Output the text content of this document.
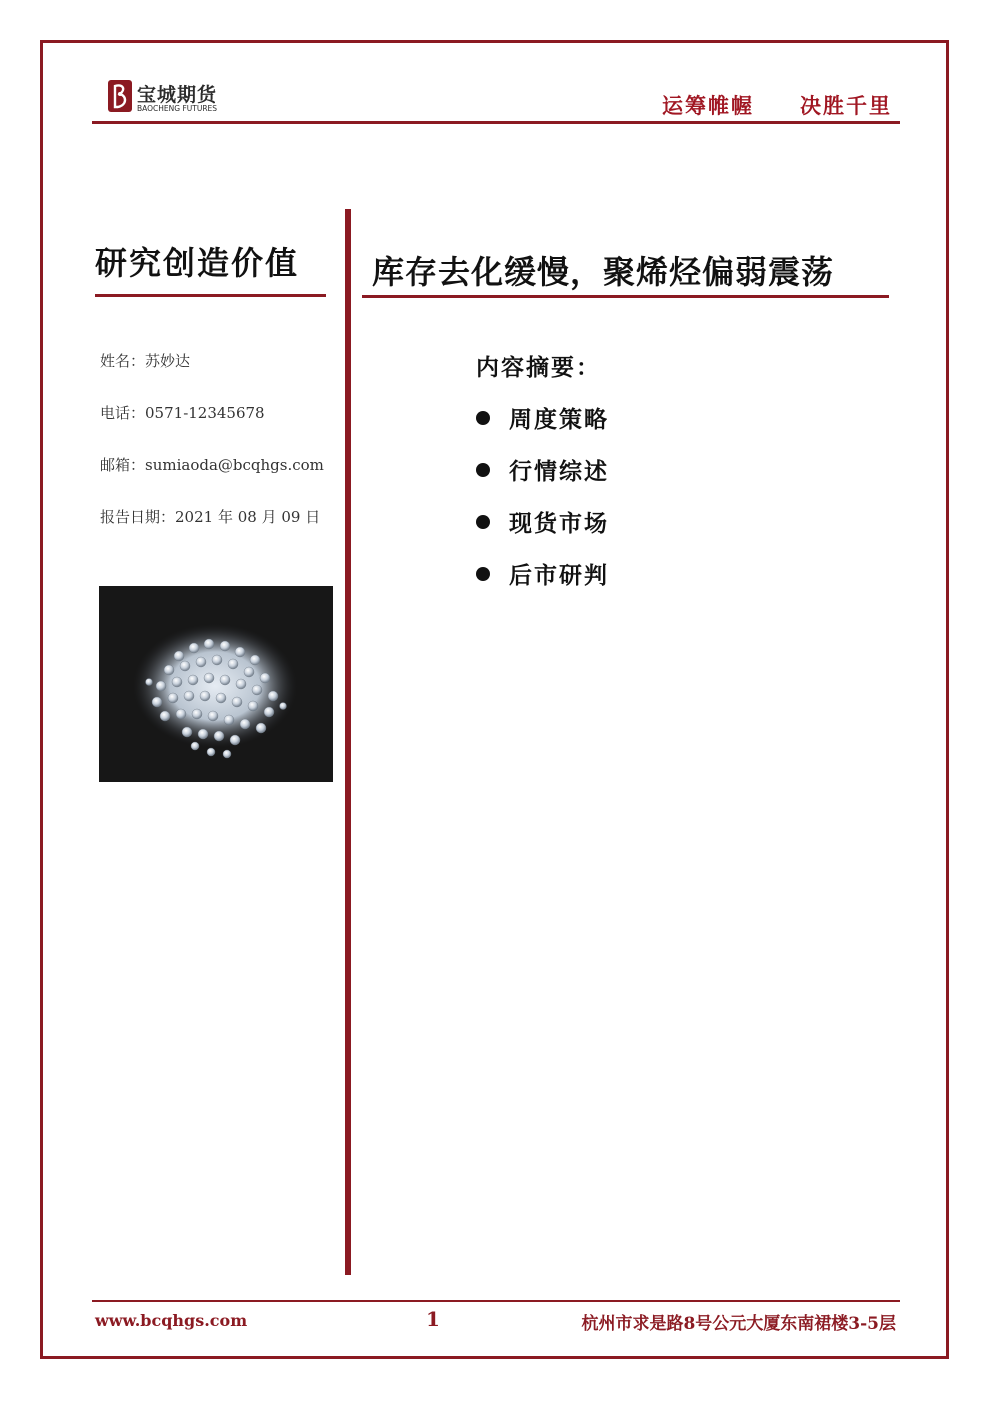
宝城期货
BAOCHENG FUTURES	运筹帷幄 决胜千里
研究创造价值
姓名：苏妙达
电话：0571-12345678
邮箱：sumiaoda@bcqhgs.com
报告日期：2021 年 08 月 09 日
库存去化缓慢，聚烯烃偏弱震荡
内容摘要：
周度策略
行情综述
现货市场
后市研判
www.bcqhgs.com	1	杭州市求是路8号公元大厦东南裙楼3-5层
